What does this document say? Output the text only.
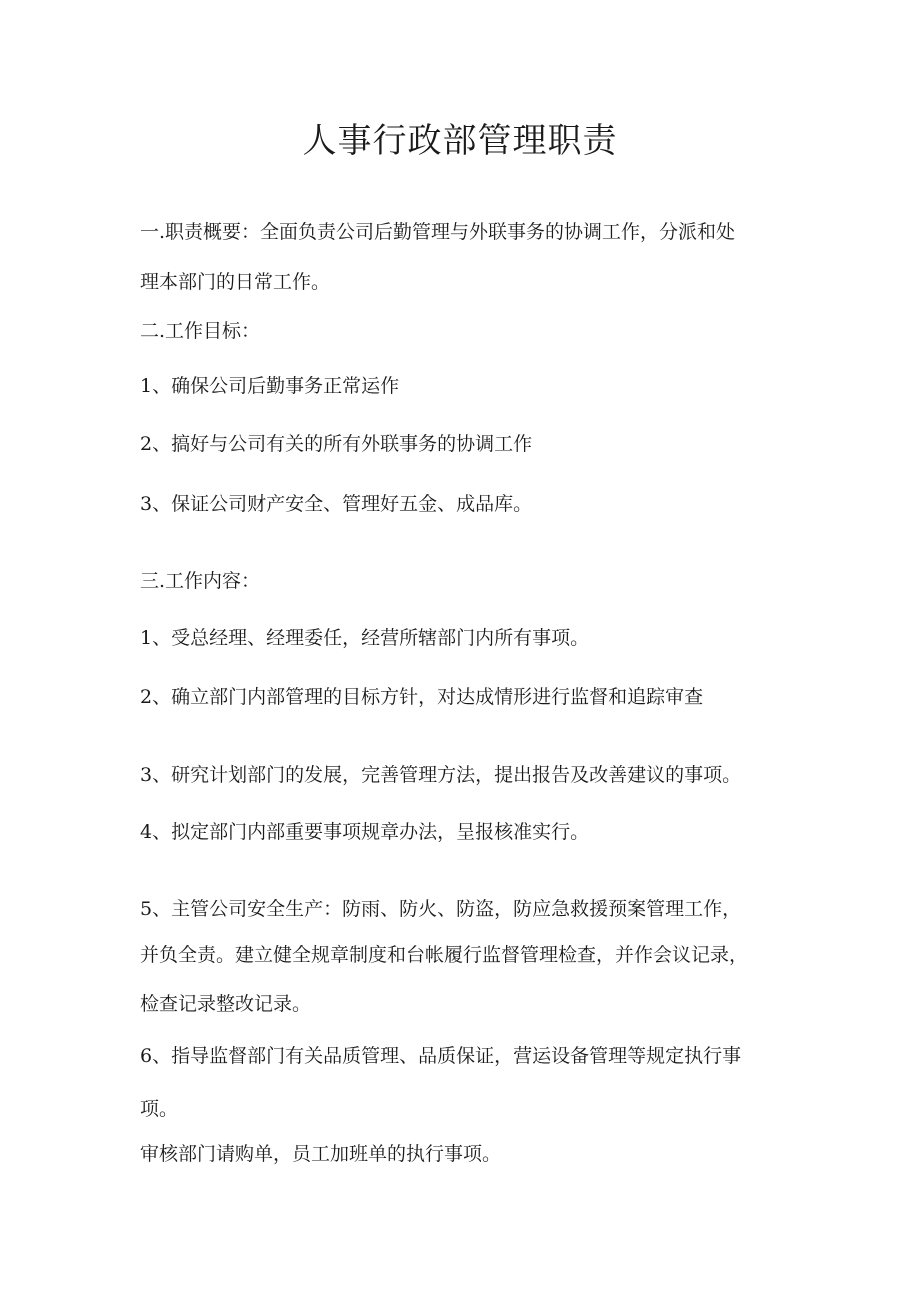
人事行政部管理职责
一.职责概要：全面负责公司后勤管理与外联事务的协调工作，分派和处
理本部门的日常工作。
二.工作目标：
1、确保公司后勤事务正常运作
2、搞好与公司有关的所有外联事务的协调工作
3、保证公司财产安全、管理好五金、成品库。
三.工作内容：
1、受总经理、经理委任，经营所辖部门内所有事项。
2、确立部门内部管理的目标方针，对达成情形进行监督和追踪审查
3、研究计划部门的发展，完善管理方法，提出报告及改善建议的事项。
4、拟定部门内部重要事项规章办法，呈报核准实行。
5、主管公司安全生产：防雨、防火、防盗，防应急救援预案管理工作，
并负全责。建立健全规章制度和台帐履行监督管理检查，并作会议记录，
检查记录整改记录。
6、指导监督部门有关品质管理、品质保证，营运设备管理等规定执行事
项。
审核部门请购单，员工加班单的执行事项。
